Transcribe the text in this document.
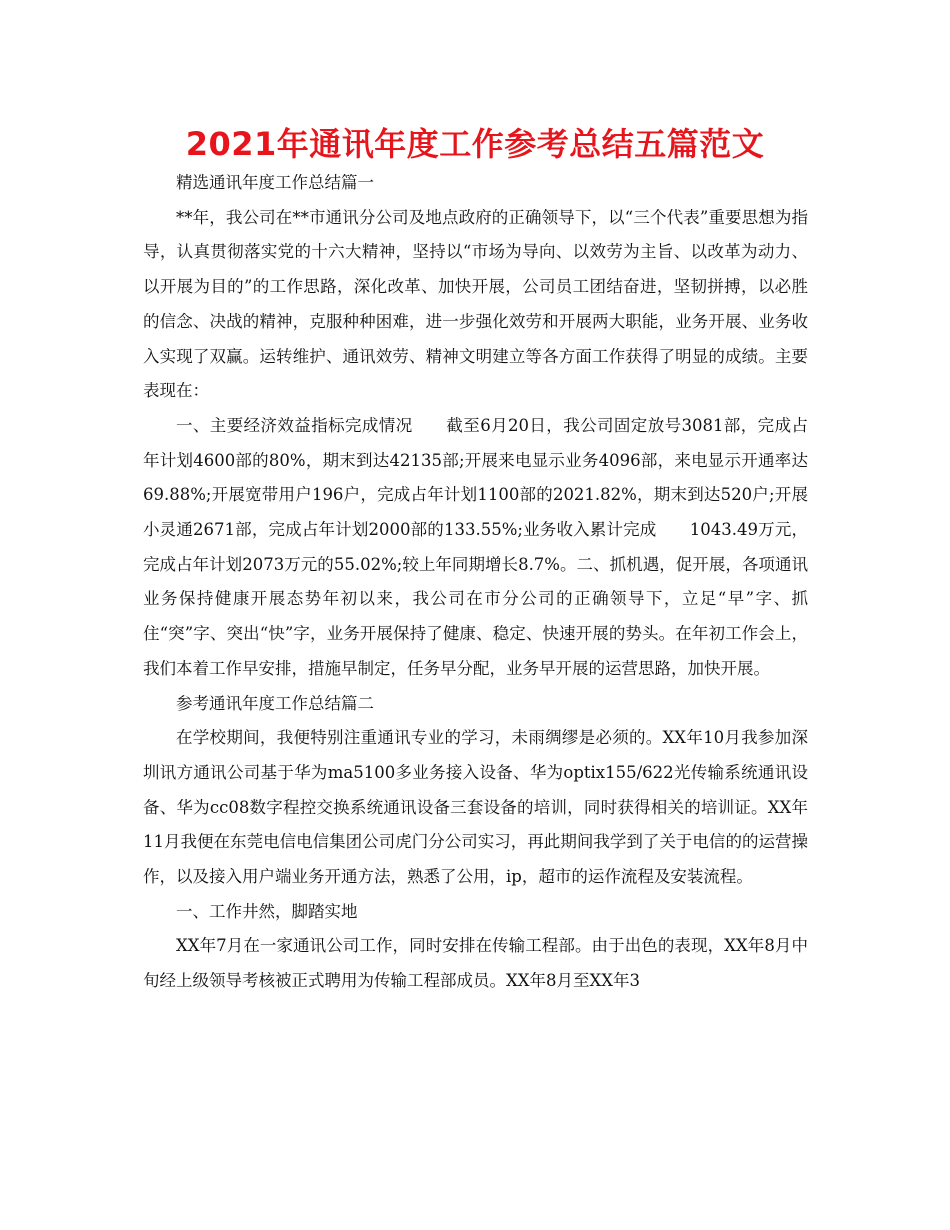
2021年通讯年度工作参考总结五篇范文

精选通讯年度工作总结篇一

**年，我公司在**市通讯分公司及地点政府的正确领导下，以“三个代表”重要思想为指导，认真贯彻落实党的十六大精神，坚持以“市场为导向、以效劳为主旨、以改革为动力、以开展为目的”的工作思路，深化改革、加快开展，公司员工团结奋进，坚韧拼搏，以必胜的信念、决战的精神，克服种种困难，进一步强化效劳和开展两大职能，业务开展、业务收入实现了双赢。运转维护、通讯效劳、精神文明建立等各方面工作获得了明显的成绩。主要表现在：

一、主要经济效益指标完成情况　　截至6月20日，我公司固定放号3081部，完成占年计划4600部的80%，期末到达42135部;开展来电显示业务4096部，来电显示开通率达69.88%;开展宽带用户196户，完成占年计划1100部的2021.82%，期末到达520户;开展小灵通2671部，完成占年计划2000部的133.55%;业务收入累计完成　　1043.49万元，完成占年计划2073万元的55.02%;较上年同期增长8.7%。二、抓机遇，促开展，各项通讯业务保持健康开展态势年初以来，我公司在市分公司的正确领导下，立足“早”字、抓住“突”字、突出“快”字，业务开展保持了健康、稳定、快速开展的势头。在年初工作会上，我们本着工作早安排，措施早制定，任务早分配，业务早开展的运营思路，加快开展。

参考通讯年度工作总结篇二

在学校期间，我便特别注重通讯专业的学习，未雨绸缪是必须的。XX年10月我参加深圳讯方通讯公司基于华为ma5100多业务接入设备、华为optix155/622光传输系统通讯设备、华为cc08数字程控交换系统通讯设备三套设备的培训，同时获得相关的培训证。XX年11月我便在东莞电信电信集团公司虎门分公司实习，再此期间我学到了关于电信的的运营操作，以及接入用户端业务开通方法，熟悉了公用，ip，超市的运作流程及安装流程。

一、工作井然，脚踏实地

XX年7月在一家通讯公司工作，同时安排在传输工程部。由于出色的表现，XX年8月中旬经上级领导考核被正式聘用为传输工程部成员。XX年8月至XX年3
